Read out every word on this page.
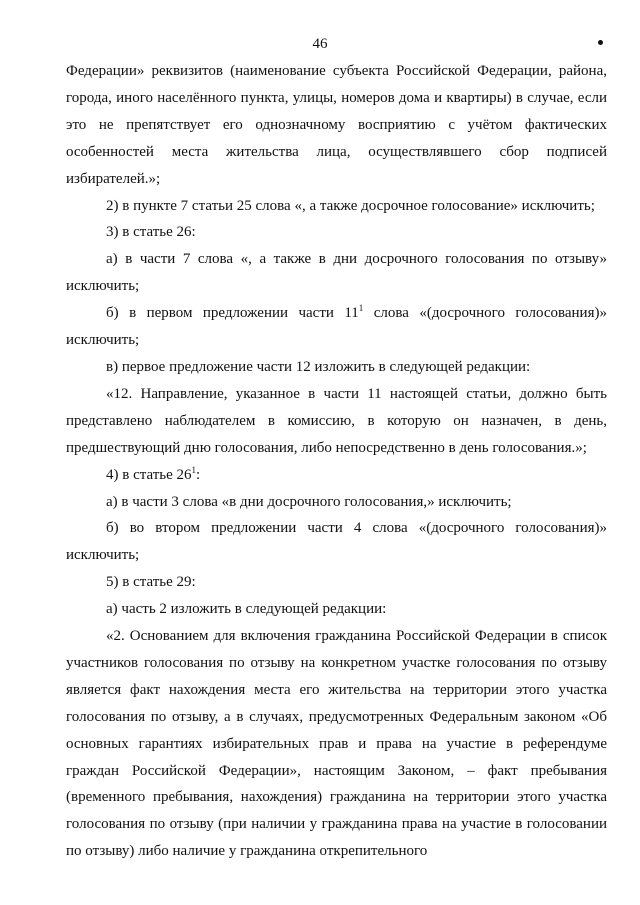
46

Федерации» реквизитов (наименование субъекта Российской Федерации, района, города, иного населённого пункта, улицы, номеров дома и квартиры) в случае, если это не препятствует его однозначному восприятию с учётом фактических особенностей места жительства лица, осуществлявшего сбор подписей избирателей.»;

2) в пункте 7 статьи 25 слова «, а также досрочное голосование» исключить;

3) в статье 26:

а) в части 7 слова «, а также в дни досрочного голосования по отзыву» исключить;

б) в первом предложении части $11^1$ слова «(досрочного голосования)» исключить;

в) первое предложение части 12 изложить в следующей редакции:

«12. Направление, указанное в части 11 настоящей статьи, должно быть представлено наблюдателем в комиссию, в которую он назначен, в день, предшествующий дню голосования, либо непосредственно в день голосования.»;

4) в статье $26^1$:

а) в части 3 слова «в дни досрочного голосования,» исключить;

б) во втором предложении части 4 слова «(досрочного голосования)» исключить;

5) в статье 29:

а) часть 2 изложить в следующей редакции:

«2. Основанием для включения гражданина Российской Федерации в список участников голосования по отзыву на конкретном участке голосования по отзыву является факт нахождения места его жительства на территории этого участка голосования по отзыву, а в случаях, предусмотренных Федеральным законом «Об основных гарантиях избирательных прав и права на участие в референдуме граждан Российской Федерации», настоящим Законом, – факт пребывания (временного пребывания, нахождения) гражданина на территории этого участка голосования по отзыву (при наличии у гражданина права на участие в голосовании по отзыву) либо наличие у гражданина открепительного
